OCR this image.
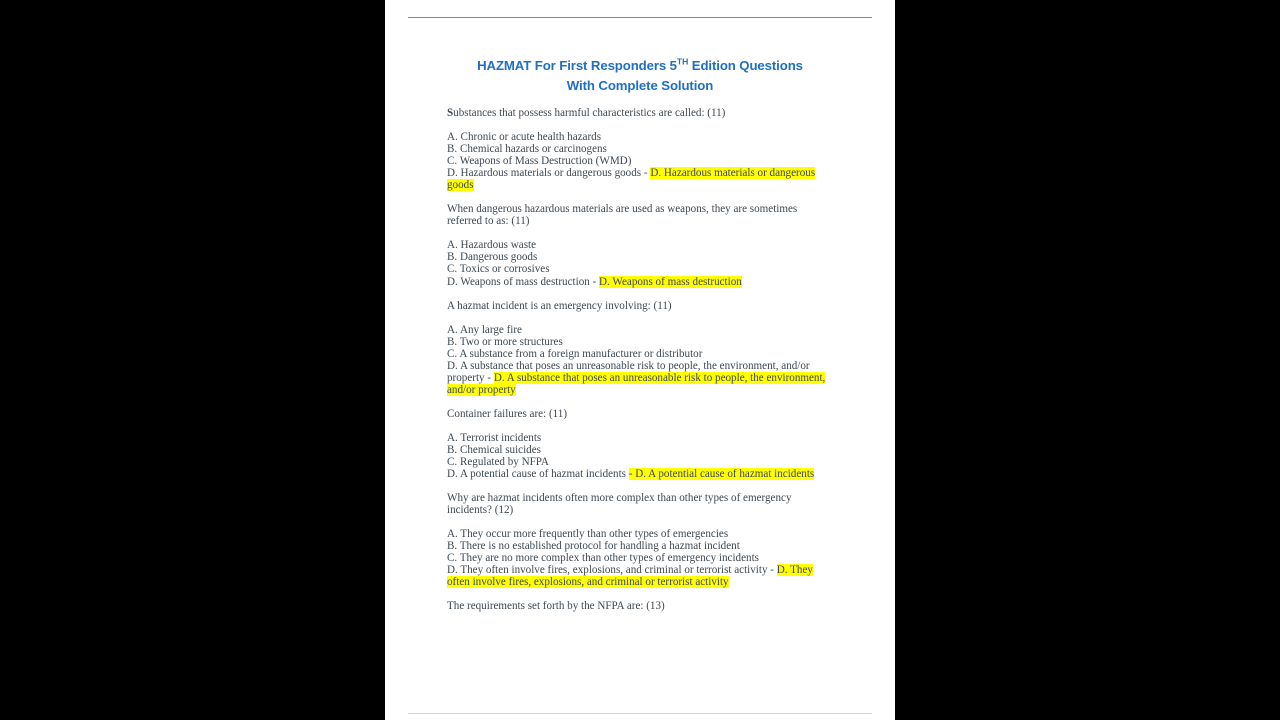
HAZMAT For First Responders 5TH Edition Questions
With Complete Solution

Substances that possess harmful characteristics are called: (11)

A. Chronic or acute health hazards

B. Chemical hazards or carcinogens

C. Weapons of Mass Destruction (WMD)

D. Hazardous materials or dangerous goods - D. Hazardous materials or dangerous goods

When dangerous hazardous materials are used as weapons, they are sometimes referred to as: (11)

A. Hazardous waste

B. Dangerous goods

C. Toxics or corrosives

D. Weapons of mass destruction - D. Weapons of mass destruction

A hazmat incident is an emergency involving: (11)

A. Any large fire

B. Two or more structures

C. A substance from a foreign manufacturer or distributor

D. A substance that poses an unreasonable risk to people, the environment, and/or property - D. A substance that poses an unreasonable risk to people, the environment, and/or property

Container failures are: (11)

A. Terrorist incidents

B. Chemical suicides

C. Regulated by NFPA

D. A potential cause of hazmat incidents - D. A potential cause of hazmat incidents

Why are hazmat incidents often more complex than other types of emergency incidents? (12)

A. They occur more frequently than other types of emergencies

B. There is no established protocol for handling a hazmat incident

C. They are no more complex than other types of emergency incidents

D. They often involve fires, explosions, and criminal or terrorist activity - D. They often involve fires, explosions, and criminal or terrorist activity

The requirements set forth by the NFPA are: (13)
